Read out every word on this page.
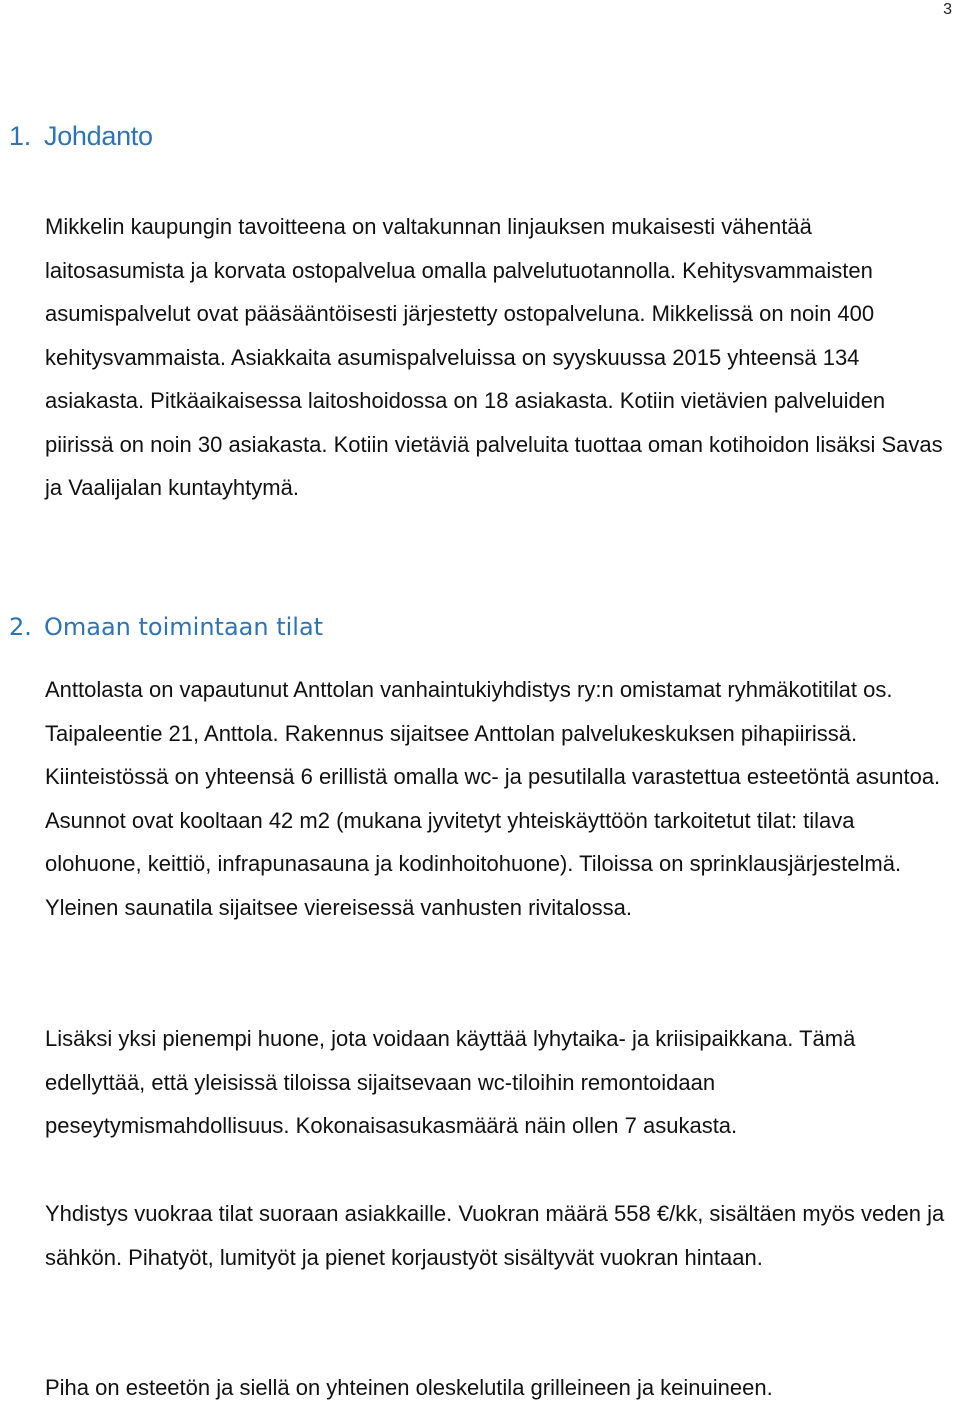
3
1. Johdanto

Mikkelin kaupungin tavoitteena on valtakunnan linjauksen mukaisesti vähentää laitosasumista ja korvata ostopalvelua omalla palvelutuotannolla. Kehitysvammaisten asumispalvelut ovat pääsääntöisesti järjestetty ostopalveluna. Mikkelissä on noin 400 kehitysvammaista. Asiakkaita asumispalveluissa on syyskuussa 2015 yhteensä 134 asiakasta. Pitkäaikaisessa laitoshoidossa on 18 asiakasta. Kotiin vietävien palveluiden piirissä on noin 30 asiakasta. Kotiin vietäviä palveluita tuottaa oman kotihoidon lisäksi Savas ja Vaalijalan kuntayhtymä.

2. Omaan toimintaan tilat

Anttolasta on vapautunut Anttolan vanhaintukiyhdistys ry:n omistamat ryhmäkotitilat os. Taipaleentie 21, Anttola. Rakennus sijaitsee Anttolan palvelukeskuksen pihapiirissä. Kiinteistössä on yhteensä 6 erillistä omalla wc- ja pesutilalla varastettua esteetöntä asuntoa. Asunnot ovat kooltaan 42 m2 (mukana jyvitetyt yhteiskäyttöön tarkoitetut tilat: tilava olohuone, keittiö, infrapunasauna ja kodinhoitohuone). Tiloissa on sprinklausjärjestelmä. Yleinen saunatila sijaitsee viereisessä vanhusten rivitalossa.

Lisäksi yksi pienempi huone, jota voidaan käyttää lyhytaika- ja kriisipaikkana. Tämä edellyttää, että yleisissä tiloissa sijaitsevaan wc-tiloihin remontoidaan peseytymismahdollisuus. Kokonaisasukasmäärä näin ollen 7 asukasta.

Yhdistys vuokraa tilat suoraan asiakkaille. Vuokran määrä 558 €/kk, sisältäen myös veden ja sähkön. Pihatyöt, lumityöt ja pienet korjaustyöt sisältyvät vuokran hintaan.

Piha on esteetön ja siellä on yhteinen oleskelutila grilleineen ja keinuineen.
